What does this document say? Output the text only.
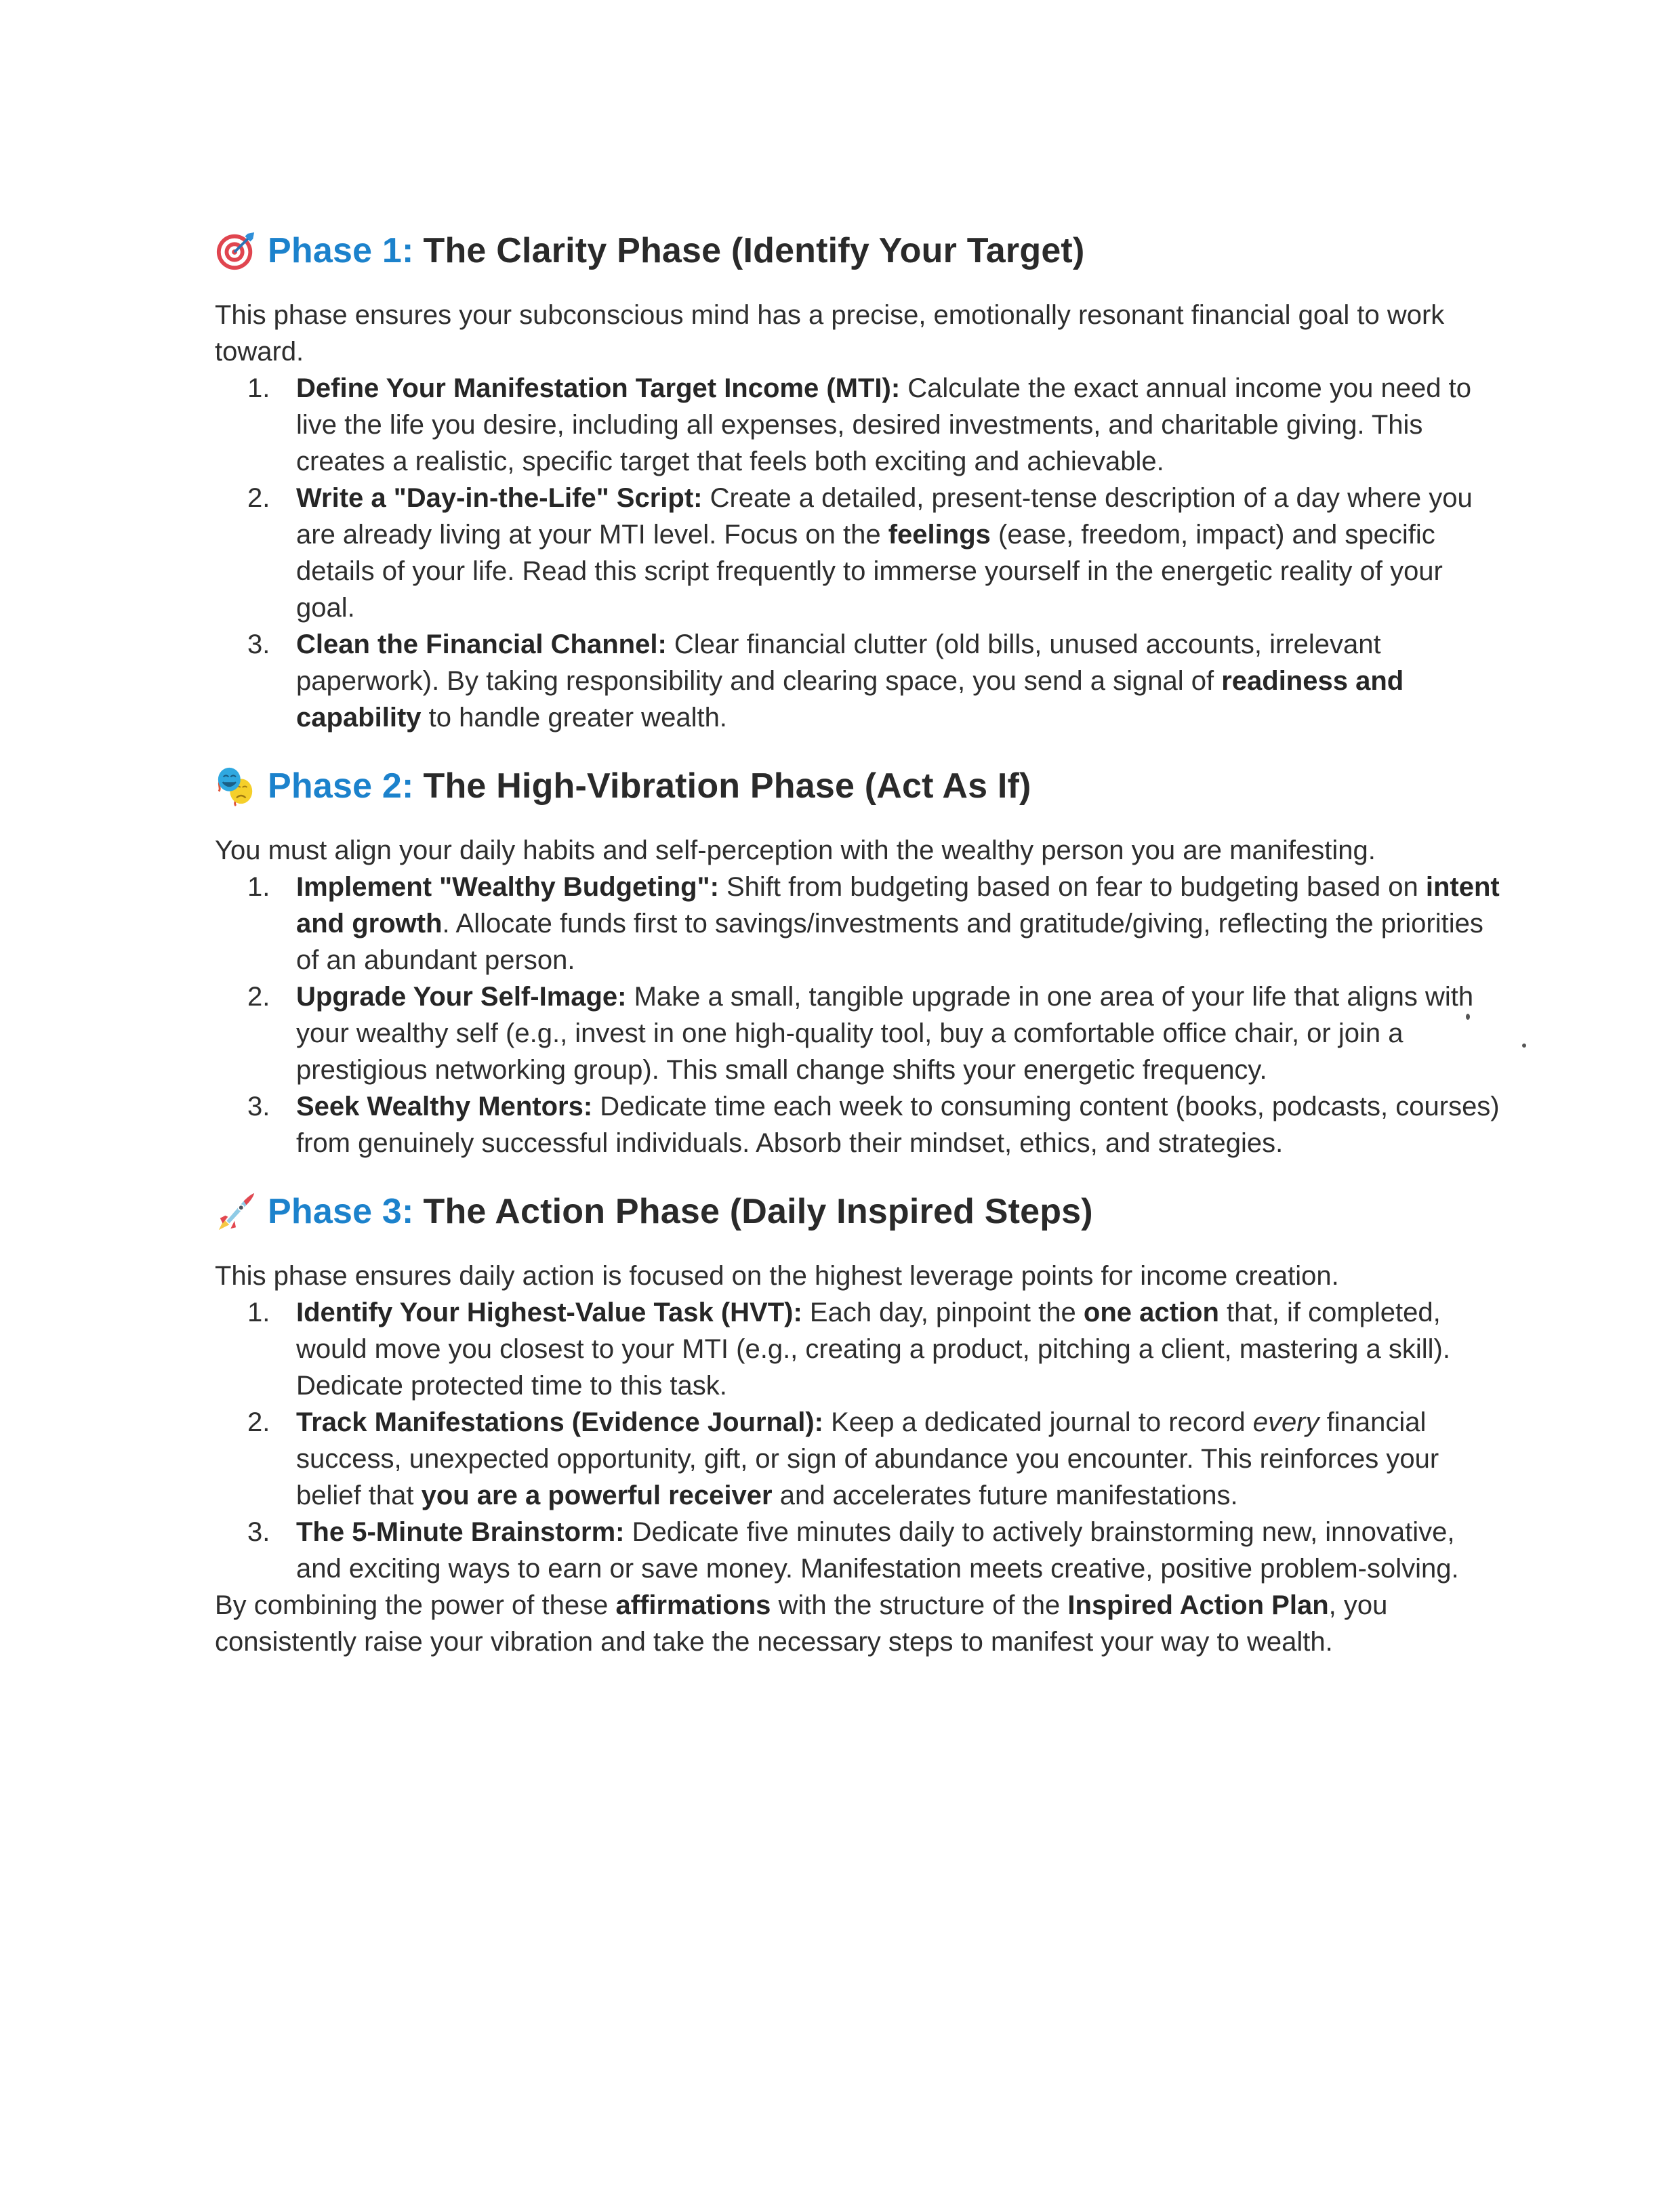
Phase 1: The Clarity Phase (Identify Your Target)

This phase ensures your subconscious mind has a precise, emotionally resonant financial goal to work toward.

1. Define Your Manifestation Target Income (MTI): Calculate the exact annual income you need to live the life you desire, including all expenses, desired investments, and charitable giving. This creates a realistic, specific target that feels both exciting and achievable.
2. Write a "Day-in-the-Life" Script: Create a detailed, present-tense description of a day where you are already living at your MTI level. Focus on the feelings (ease, freedom, impact) and specific details of your life. Read this script frequently to immerse yourself in the energetic reality of your goal.
3. Clean the Financial Channel: Clear financial clutter (old bills, unused accounts, irrelevant paperwork). By taking responsibility and clearing space, you send a signal of readiness and capability to handle greater wealth.
Phase 2: The High-Vibration Phase (Act As If)

You must align your daily habits and self-perception with the wealthy person you are manifesting.

1. Implement "Wealthy Budgeting": Shift from budgeting based on fear to budgeting based on intent and growth. Allocate funds first to savings/investments and gratitude/giving, reflecting the priorities of an abundant person.
2. Upgrade Your Self-Image: Make a small, tangible upgrade in one area of your life that aligns with your wealthy self (e.g., invest in one high-quality tool, buy a comfortable office chair, or join a prestigious networking group). This small change shifts your energetic frequency.
3. Seek Wealthy Mentors: Dedicate time each week to consuming content (books, podcasts, courses) from genuinely successful individuals. Absorb their mindset, ethics, and strategies.
Phase 3: The Action Phase (Daily Inspired Steps)

This phase ensures daily action is focused on the highest leverage points for income creation.

1. Identify Your Highest-Value Task (HVT): Each day, pinpoint the one action that, if completed, would move you closest to your MTI (e.g., creating a product, pitching a client, mastering a skill). Dedicate protected time to this task.
2. Track Manifestations (Evidence Journal): Keep a dedicated journal to record every financial success, unexpected opportunity, gift, or sign of abundance you encounter. This reinforces your belief that you are a powerful receiver and accelerates future manifestations.
3. The 5-Minute Brainstorm: Dedicate five minutes daily to actively brainstorming new, innovative, and exciting ways to earn or save money. Manifestation meets creative, positive problem-solving.

By combining the power of these affirmations with the structure of the Inspired Action Plan, you consistently raise your vibration and take the necessary steps to manifest your way to wealth.
